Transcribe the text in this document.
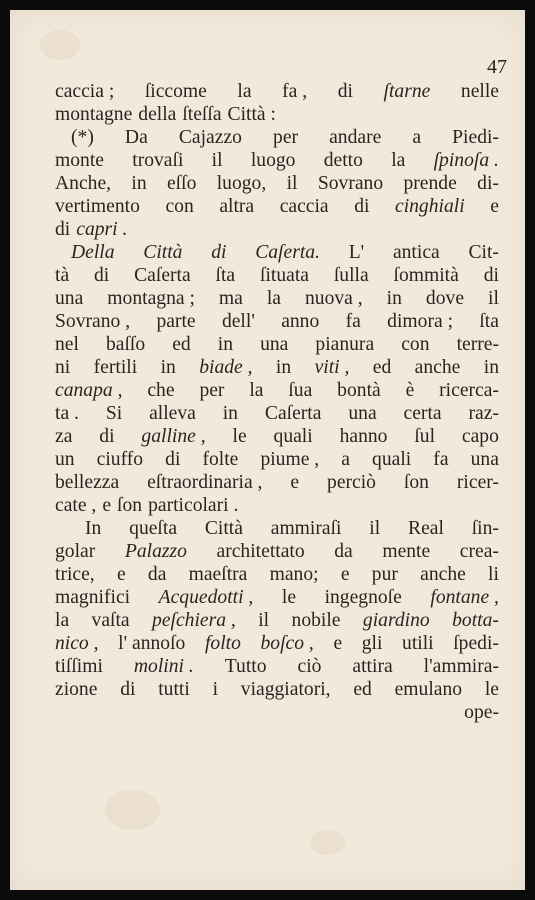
47
caccia ; ſiccome la fa , di ſtarne nelle
montagne della ſteſſa Città :
(*) Da Cajazzo per andare a Piedi-
monte trovaſi il luogo detto la ſpinoſa .
Anche, in eſſo luogo, il Sovrano prende di-
vertimento con altra caccia di cinghiali e
di capri .
Della Città di Caſerta. L' antica Cit-
tà di Caſerta ſta ſituata ſulla ſommità di
una montagna ; ma la nuova , in dove il
Sovrano , parte dell' anno fa dimora ; ſta
nel baſſo ed in una pianura con terre-
ni fertili in biade , in viti , ed anche in
canapa , che per la ſua bontà è ricerca-
ta . Si alleva in Caſerta una certa raz-
za di galline , le quali hanno ſul capo
un ciuffo di folte piume , a quali fa una
bellezza eſtraordinaria , e perciò ſon ricer-
cate , e ſon particolari .
In queſta Città ammiraſi il Real ſin-
golar Palazzo architettato da mente crea-
trice, e da maeſtra mano; e pur anche li
magnifici Acquedotti , le ingegnoſe fontane ,
la vaſta peſchiera , il nobile giardino botta-
nico , l' annoſo folto boſco , e gli utili ſpedi-
tiſſimi molini . Tutto ciò attira l'ammira-
zione di tutti i viaggiatori, ed emulano le
ope-
